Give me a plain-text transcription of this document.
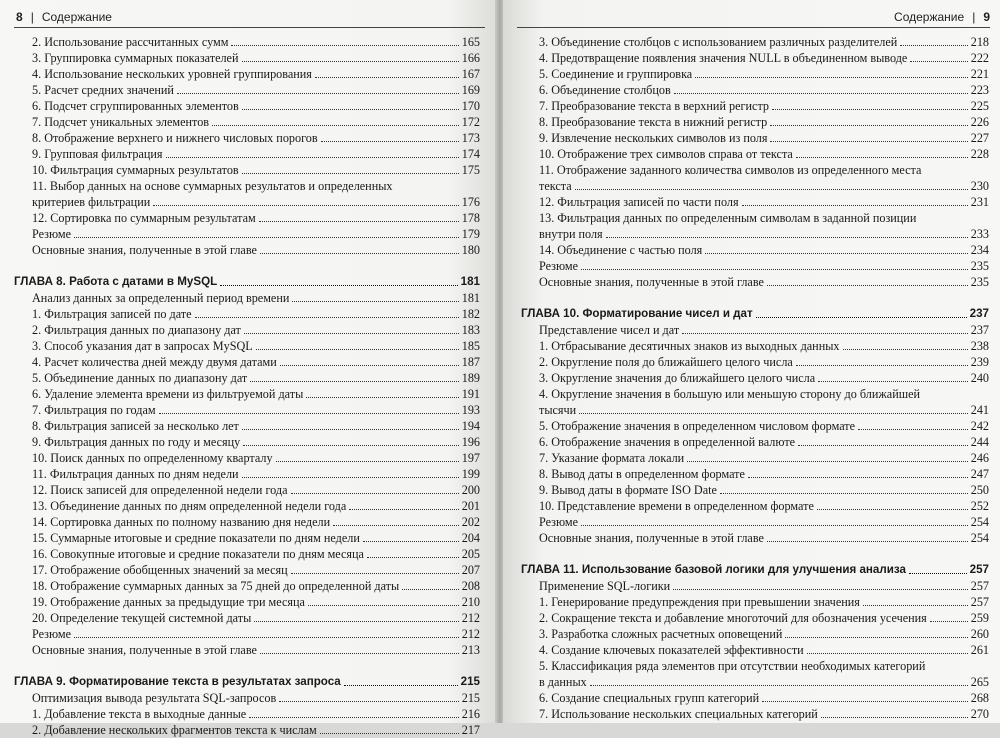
8 | Содержание
2. Использование рассчитанных сумм	165
3. Группировка суммарных показателей	166
4. Использование нескольких уровней группирования	167
5. Расчет средних значений	169
6. Подсчет сгруппированных элементов	170
7. Подсчет уникальных элементов	172
8. Отображение верхнего и нижнего числовых порогов	173
9. Групповая фильтрация	174
10. Фильтрация суммарных результатов	175
11. Выбор данных на основе суммарных результатов и определенных
критериев фильтрации	176
12. Сортировка по суммарным результатам	178
Резюме	179
Основные знания, полученные в этой главе	180
ГЛАВА 8. Работа с датами в MySQL	181
Анализ данных за определенный период времени	181
1. Фильтрация записей по дате	182
2. Фильтрация данных по диапазону дат	183
3. Способ указания дат в запросах MySQL	185
4. Расчет количества дней между двумя датами	187
5. Объединение данных по диапазону дат	189
6. Удаление элемента времени из фильтруемой даты	191
7. Фильтрация по годам	193
8. Фильтрация записей за несколько лет	194
9. Фильтрация данных по году и месяцу	196
10. Поиск данных по определенному кварталу	197
11. Фильтрация данных по дням недели	199
12. Поиск записей для определенной недели года	200
13. Объединение данных по дням определенной недели года	201
14. Сортировка данных по полному названию дня недели	202
15. Суммарные итоговые и средние показатели по дням недели	204
16. Совокупные итоговые и средние показатели по дням месяца	205
17. Отображение обобщенных значений за месяц	207
18. Отображение суммарных данных за 75 дней до определенной даты	208
19. Отображение данных за предыдущие три месяца	210
20. Определение текущей системной даты	212
Резюме	212
Основные знания, полученные в этой главе	213
ГЛАВА 9. Форматирование текста в результатах запроса	215
Оптимизация вывода результата SQL-запросов	215
1. Добавление текста в выходные данные	216
2. Добавление нескольких фрагментов текста к числам	217
Содержание | 9
3. Объединение столбцов с использованием различных разделителей	218
4. Предотвращение появления значения NULL в объединенном выводе	222
5. Соединение и группировка	221
6. Объединение столбцов	223
7. Преобразование текста в верхний регистр	225
8. Преобразование текста в нижний регистр	226
9. Извлечение нескольких символов из поля	227
10. Отображение трех символов справа от текста	228
11. Отображение заданного количества символов из определенного места
текста	230
12. Фильтрация записей по части поля	231
13. Фильтрация данных по определенным символам в заданной позиции
внутри поля	233
14. Объединение с частью поля	234
Резюме	235
Основные знания, полученные в этой главе	235
ГЛАВА 10. Форматирование чисел и дат	237
Представление чисел и дат	237
1. Отбрасывание десятичных знаков из выходных данных	238
2. Округление поля до ближайшего целого числа	239
3. Округление значения до ближайшего целого числа	240
4. Округление значения в большую или меньшую сторону до ближайшей
тысячи	241
5. Отображение значения в определенном числовом формате	242
6. Отображение значения в определенной валюте	244
7. Указание формата локали	246
8. Вывод даты в определенном формате	247
9. Вывод даты в формате ISO Date	250
10. Представление времени в определенном формате	252
Резюме	254
Основные знания, полученные в этой главе	254
ГЛАВА 11. Использование базовой логики для улучшения анализа	257
Применение SQL-логики	257
1. Генерирование предупреждения при превышении значения	257
2. Сокращение текста и добавление многоточий для обозначения усечения	259
3. Разработка сложных расчетных оповещений	260
4. Создание ключевых показателей эффективности	261
5. Классификация ряда элементов при отсутствии необходимых категорий
в данных	265
6. Создание специальных групп категорий	268
7. Использование нескольких специальных категорий	270
